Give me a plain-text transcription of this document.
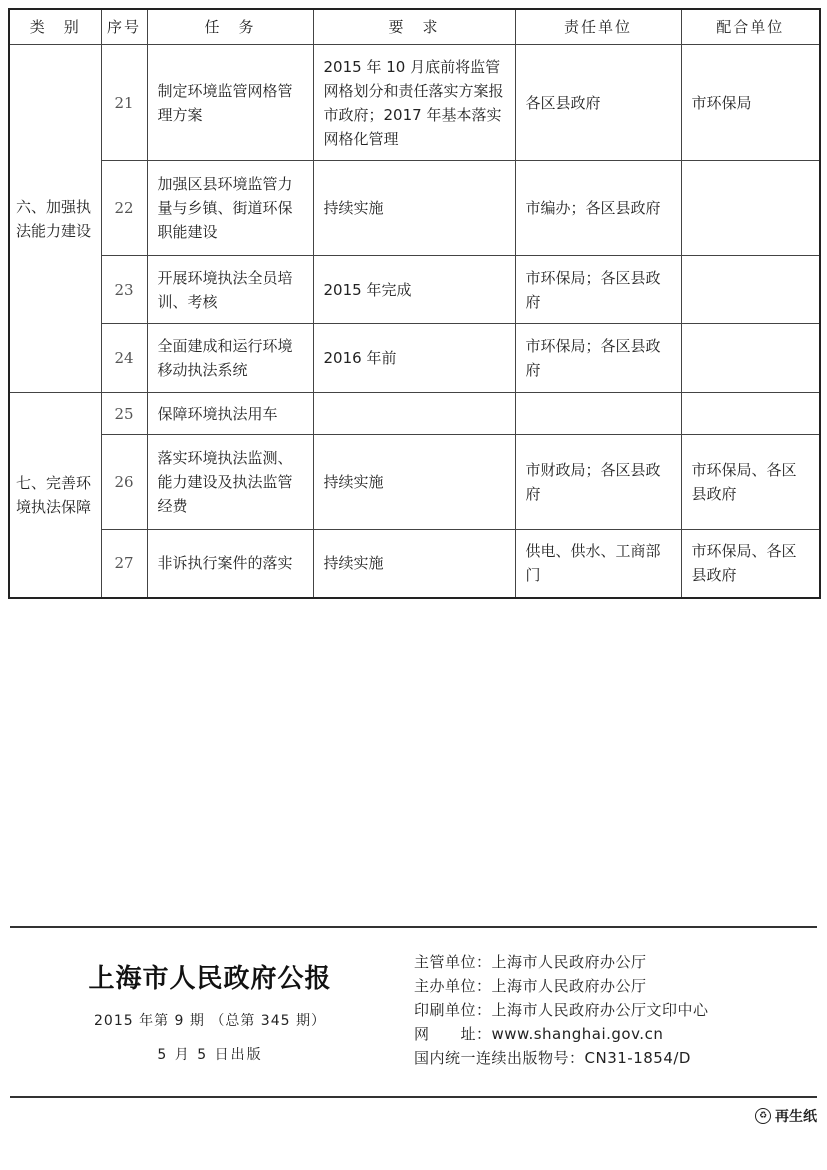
类　别	序号	任　务	要　求	责任单位	配合单位
六、加强执法能力建设	21	制定环境监管网格管理方案	2015 年 10 月底前将监管网格划分和责任落实方案报市政府；2017 年基本落实网格化管理	各区县政府	市环保局
	22	加强区县环境监管力量与乡镇、街道环保职能建设	持续实施	市编办；各区县政府	
	23	开展环境执法全员培训、考核	2015 年完成	市环保局；各区县政府	
	24	全面建成和运行环境移动执法系统	2016 年前	市环保局；各区县政府	
七、完善环境执法保障	25	保障环境执法用车			
	26	落实环境执法监测、能力建设及执法监管经费	持续实施	市财政局；各区县政府	市环保局、各区县政府
	27	非诉执行案件的落实	持续实施	供电、供水、工商部门	市环保局、各区县政府
上海市人民政府公报
2015 年第 9 期 （总第 345 期）
5 月 5 日出版
主管单位：上海市人民政府办公厅
主办单位：上海市人民政府办公厅
印刷单位：上海市人民政府办公厅文印中心
网　　址：www.shanghai.gov.cn
国内统一连续出版物号：CN31-1854/D
♻ 再生纸
